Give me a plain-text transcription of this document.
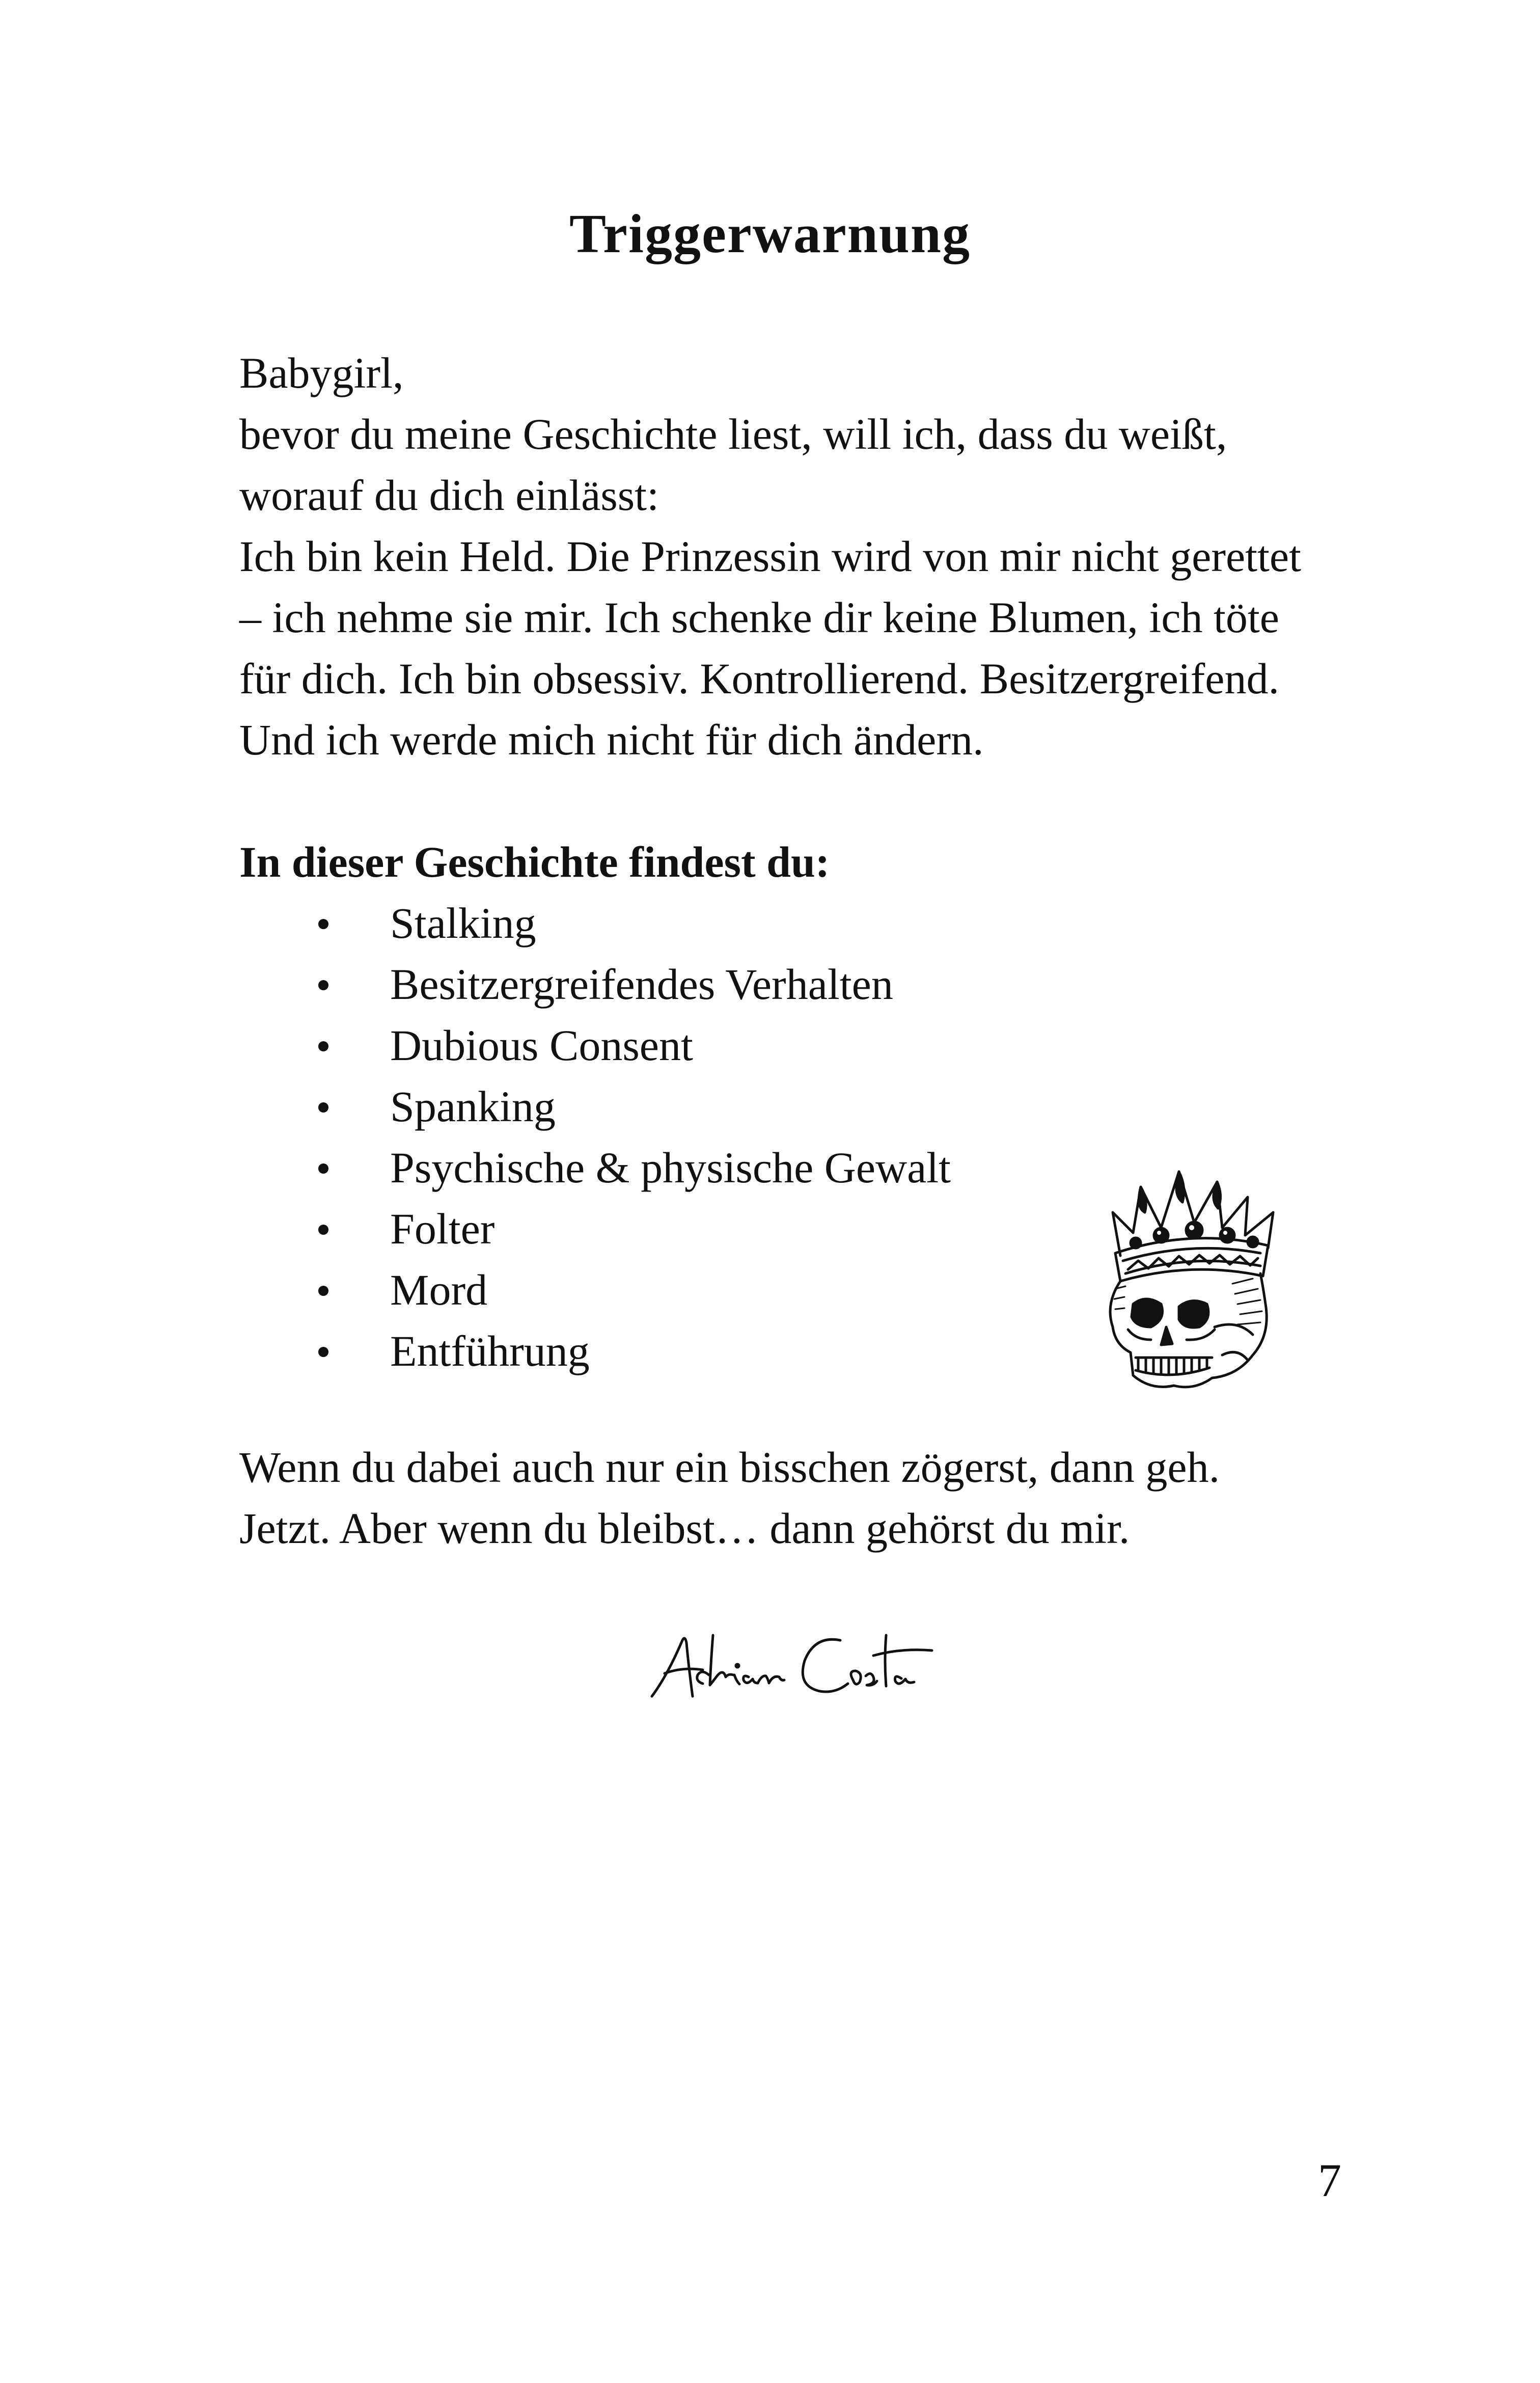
Triggerwarnung

Babygirl,

bevor du meine Geschichte liest, will ich, dass du weißt,

worauf du dich einlässt:

Ich bin kein Held. Die Prinzessin wird von mir nicht gerettet

– ich nehme sie mir. Ich schenke dir keine Blumen, ich töte

für dich. Ich bin obsessiv. Kontrollierend. Besitzergreifend.

Und ich werde mich nicht für dich ändern.

In dieser Geschichte findest du:
Stalking
Besitzergreifendes Verhalten
Dubious Consent
Spanking
Psychische & physische Gewalt
Folter
Mord
Entführung

Wenn du dabei auch nur ein bisschen zögerst, dann geh.

Jetzt. Aber wenn du bleibst… dann gehörst du mir.

7
